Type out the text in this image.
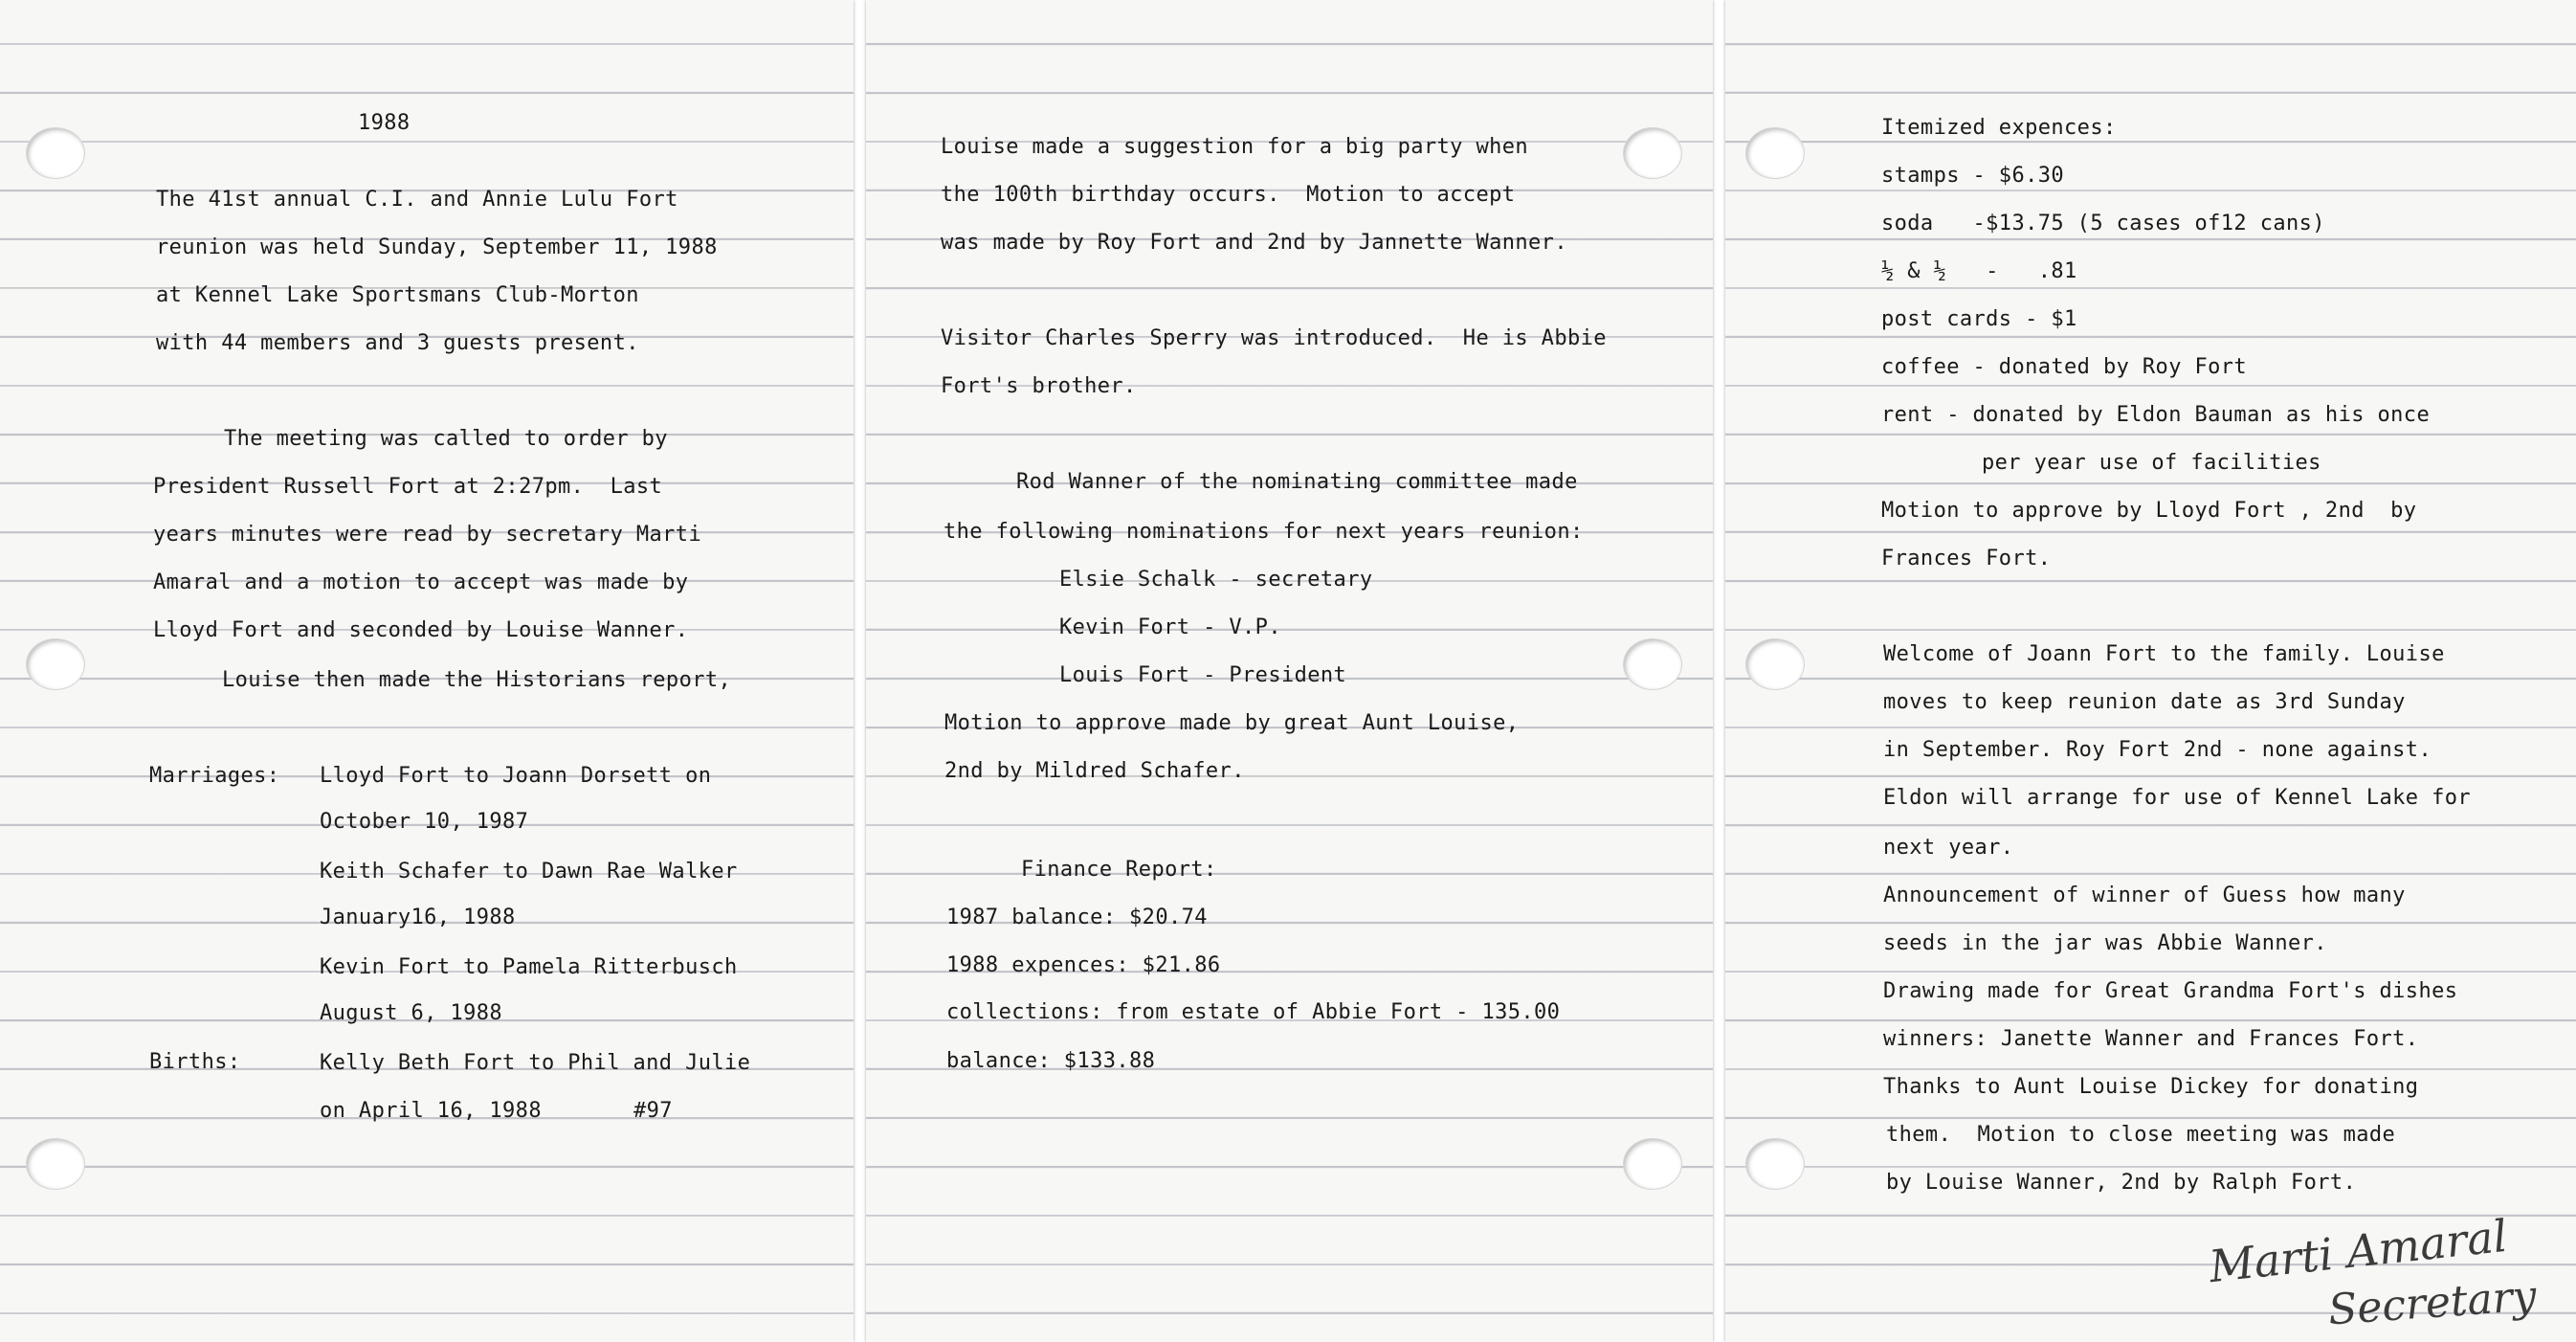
1988

The 41st annual C.I. and Annie Lulu Fort

reunion was held Sunday, September 11, 1988

at Kennel Lake Sportsmans Club-Morton

with 44 members and 3 guests present.

The meeting was called to order by

President Russell Fort at 2:27pm.  Last

years minutes were read by secretary Marti

Amaral and a motion to accept was made by

Lloyd Fort and seconded by Louise Wanner.

Louise then made the Historians report,

Marriages: Lloyd Fort to Joann Dorsett on

October 10, 1987

Keith Schafer to Dawn Rae Walker

January16, 1988

Kevin Fort to Pamela Ritterbusch

August 6, 1988

Births:	Kelly Beth Fort to Phil and Julie

on April 16, 1988	#97

Louise made a suggestion for a big party when

the 100th birthday occurs.  Motion to accept

was made by Roy Fort and 2nd by Jannette Wanner.

Visitor Charles Sperry was introduced.  He is Abbie

Fort's brother.

Rod Wanner of the nominating committee made

the following nominations for next years reunion:

Elsie Schalk - secretary

Kevin Fort - V.P.

Louis Fort - President

Motion to approve made by great Aunt Louise,

2nd by Mildred Schafer.

Finance Report:

1987 balance: $20.74

1988 expences: $21.86

collections: from estate of Abbie Fort - 135.00

balance: $133.88

Itemized expences:

stamps - $6.30

soda   -$13.75 (5 cases of12 cans)

½ & ½   -   .81

post cards - $1

coffee - donated by Roy Fort

rent - donated by Eldon Bauman as his once

per year use of facilities

Motion to approve by Lloyd Fort , 2nd  by

Frances Fort.

Welcome of Joann Fort to the family. Louise

moves to keep reunion date as 3rd Sunday

in September. Roy Fort 2nd - none against.

Eldon will arrange for use of Kennel Lake for

next year.

Announcement of winner of Guess how many

seeds in the jar was Abbie Wanner.

Drawing made for Great Grandma Fort's dishes

winners: Janette Wanner and Frances Fort.

Thanks to Aunt Louise Dickey for donating

them.  Motion to close meeting was made

by Louise Wanner, 2nd by Ralph Fort.

Marti Amaral
Secretary
